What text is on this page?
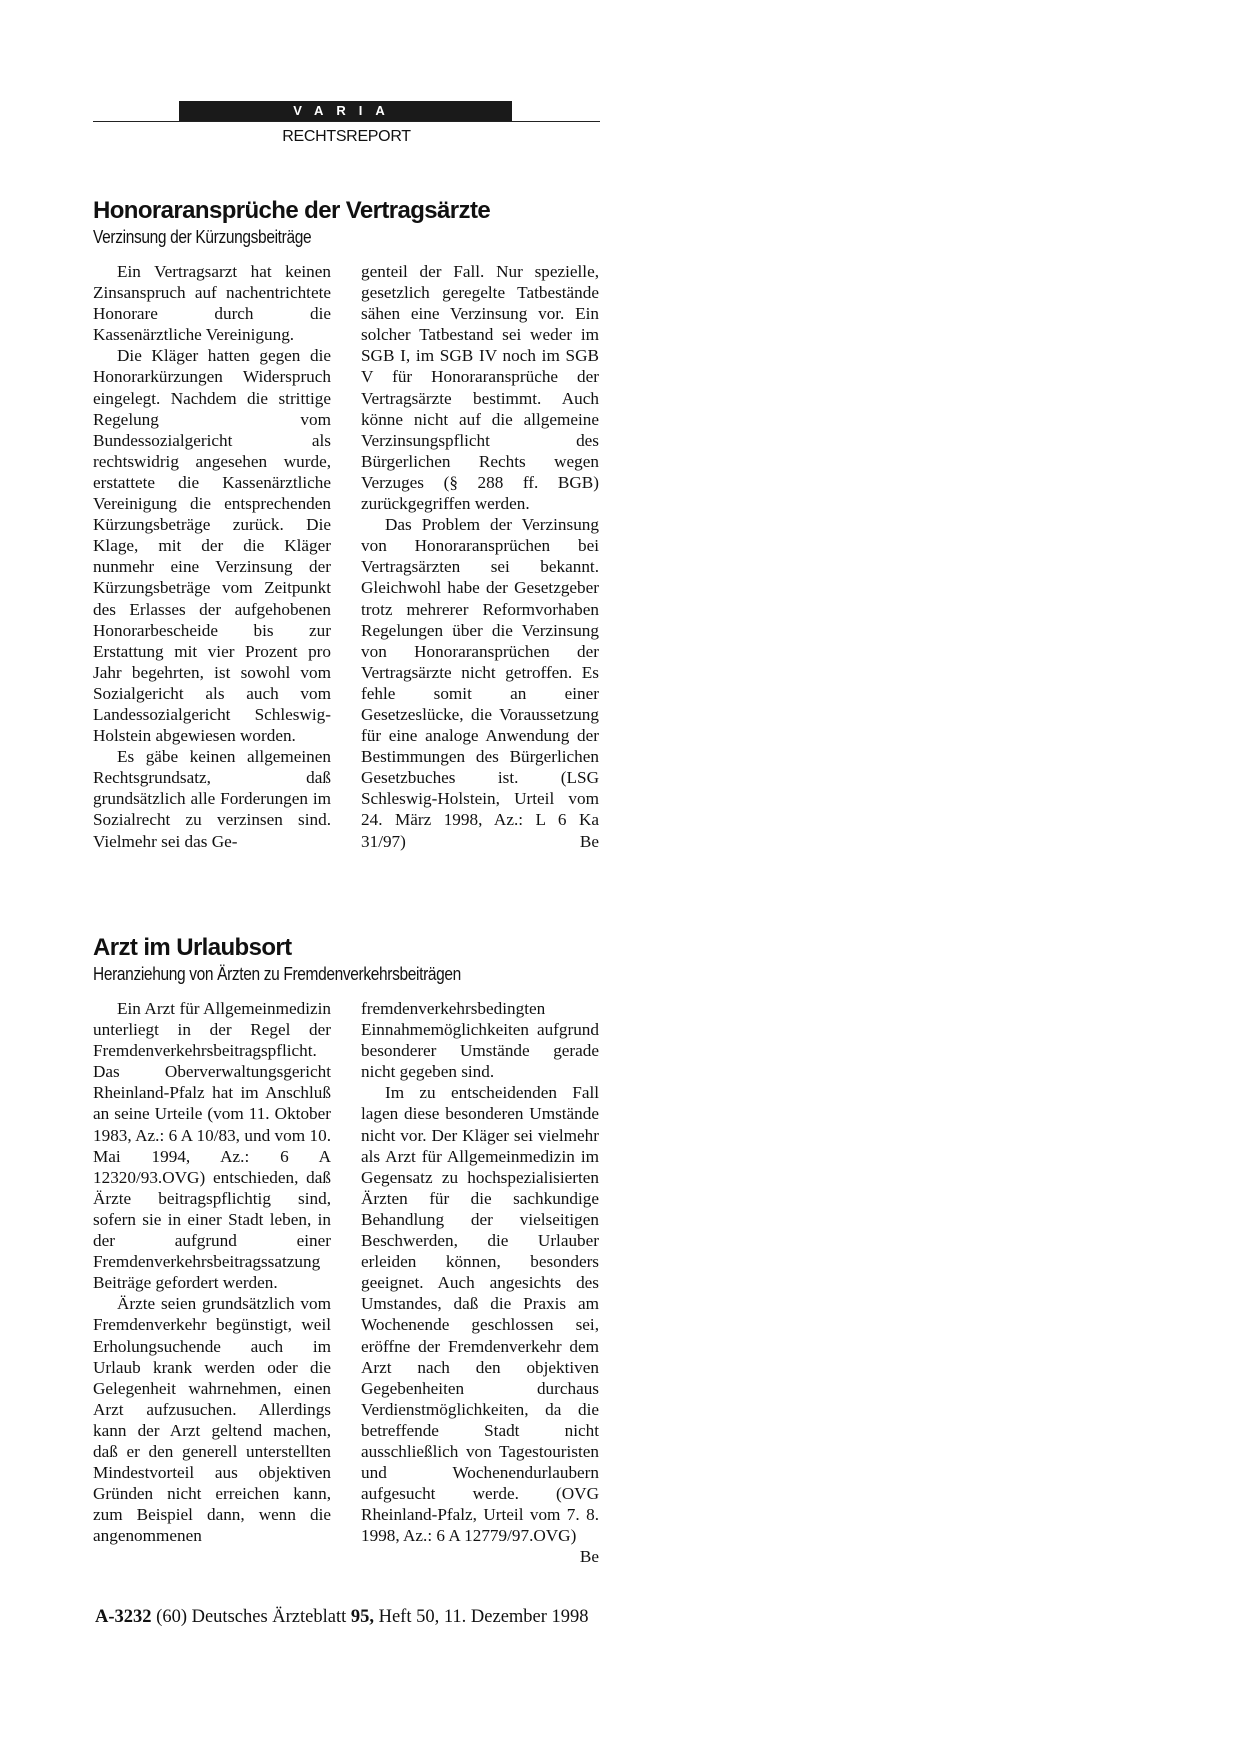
VARIA
RECHTSREPORT
Honoraransprüche der Vertragsärzte
Verzinsung der Kürzungsbeiträge

Ein Vertragsarzt hat keinen Zinsanspruch auf nachentrichtete Honorare durch die Kassenärztliche Vereinigung.

Die Kläger hatten gegen die Honorarkürzungen Widerspruch eingelegt. Nachdem die strittige Regelung vom Bundessozialgericht als rechtswidrig angesehen wurde, erstattete die Kassenärztliche Vereinigung die entsprechenden Kürzungsbeträge zurück. Die Klage, mit der die Kläger nunmehr eine Verzinsung der Kürzungsbeträge vom Zeitpunkt des Erlasses der aufgehobenen Honorarbescheide bis zur Erstattung mit vier Prozent pro Jahr begehrten, ist sowohl vom Sozialgericht als auch vom Landessozialgericht Schleswig-Holstein abgewiesen worden.

Es gäbe keinen allgemeinen Rechtsgrundsatz, daß grundsätzlich alle Forderungen im Sozialrecht zu verzinsen sind. Vielmehr sei das Ge-

genteil der Fall. Nur spezielle, gesetzlich geregelte Tatbestände sähen eine Verzinsung vor. Ein solcher Tatbestand sei weder im SGB I, im SGB IV noch im SGB V für Honoraransprüche der Vertragsärzte bestimmt. Auch könne nicht auf die allgemeine Verzinsungspflicht des Bürgerlichen Rechts wegen Verzuges (§ 288 ff. BGB) zurückgegriffen werden.

Das Problem der Verzinsung von Honoraransprüchen bei Vertragsärzten sei bekannt. Gleichwohl habe der Gesetzgeber trotz mehrerer Reformvorhaben Regelungen über die Verzinsung von Honoraransprüchen der Vertragsärzte nicht getroffen. Es fehle somit an einer Gesetzeslücke, die Voraussetzung für eine analoge Anwendung der Bestimmungen des Bürgerlichen Gesetzbuches ist. (LSG Schleswig-Holstein, Urteil vom 24. März 1998, Az.: L 6 Ka 31/97)	Be

Arzt im Urlaubsort
Heranziehung von Ärzten zu Fremdenverkehrsbeiträgen

Ein Arzt für Allgemeinmedizin unterliegt in der Regel der Fremdenverkehrsbeitragspflicht. Das Oberverwaltungsgericht Rheinland-Pfalz hat im Anschluß an seine Urteile (vom 11. Oktober 1983, Az.: 6 A 10/83, und vom 10. Mai 1994, Az.: 6 A 12320/93.OVG) entschieden, daß Ärzte beitragspflichtig sind, sofern sie in einer Stadt leben, in der aufgrund einer Fremdenverkehrsbeitragssatzung Beiträge gefordert werden.

Ärzte seien grundsätzlich vom Fremdenverkehr begünstigt, weil Erholungsuchende auch im Urlaub krank werden oder die Gelegenheit wahrnehmen, einen Arzt aufzusuchen. Allerdings kann der Arzt geltend machen, daß er den generell unterstellten Mindestvorteil aus objektiven Gründen nicht erreichen kann, zum Beispiel dann, wenn die angenommenen

fremdenverkehrsbedingten Einnahmemöglichkeiten aufgrund besonderer Umstände gerade nicht gegeben sind.

Im zu entscheidenden Fall lagen diese besonderen Umstände nicht vor. Der Kläger sei vielmehr als Arzt für Allgemeinmedizin im Gegensatz zu hochspezialisierten Ärzten für die sachkundige Behandlung der vielseitigen Beschwerden, die Urlauber erleiden können, besonders geeignet. Auch angesichts des Umstandes, daß die Praxis am Wochenende geschlossen sei, eröffne der Fremdenverkehr dem Arzt nach den objektiven Gegebenheiten durchaus Verdienstmöglichkeiten, da die betreffende Stadt nicht ausschließlich von Tagestouristen und Wochenendurlaubern aufgesucht werde. (OVG Rheinland-Pfalz, Urteil vom 7. 8. 1998, Az.: 6 A 12779/97.OVG)
Be

A-3232 (60) Deutsches Ärzteblatt 95, Heft 50, 11. Dezember 1998
